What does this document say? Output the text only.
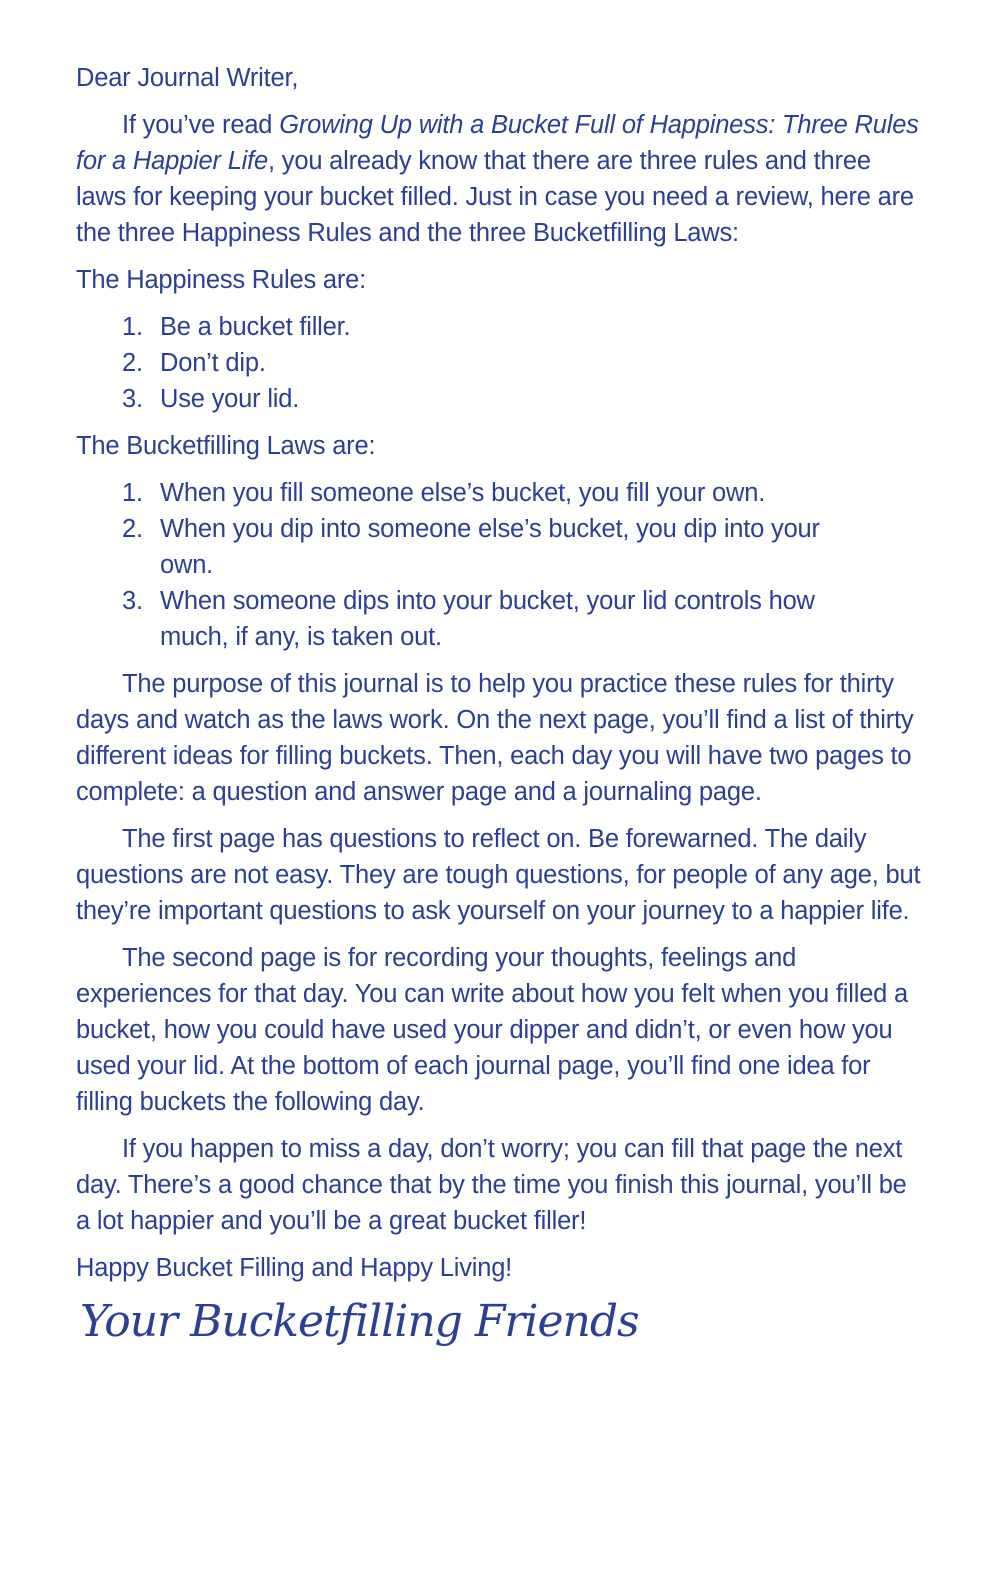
Dear Journal Writer,

If you’ve read Growing Up with a Bucket Full of Happiness: Three Rules for a Happier Life, you already know that there are three rules and three laws for keeping your bucket filled. Just in case you need a review, here are the three Happiness Rules and the three Bucketfilling Laws:

The Happiness Rules are:

1. Be a bucket filler.
2. Don’t dip.
3. Use your lid.

The Bucketfilling Laws are:

1. When you fill someone else’s bucket, you fill your own.
2. When you dip into someone else’s bucket, you dip into your own.
3. When someone dips into your bucket, your lid controls how much, if any, is taken out.

The purpose of this journal is to help you practice these rules for thirty days and watch as the laws work. On the next page, you’ll find a list of thirty different ideas for filling buckets. Then, each day you will have two pages to complete: a question and answer page and a journaling page.

The first page has questions to reflect on. Be forewarned. The daily questions are not easy. They are tough questions, for people of any age, but they’re important questions to ask yourself on your journey to a happier life.

The second page is for recording your thoughts, feelings and experiences for that day. You can write about how you felt when you filled a bucket, how you could have used your dipper and didn’t, or even how you used your lid. At the bottom of each journal page, you’ll find one idea for filling buckets the following day.

If you happen to miss a day, don’t worry; you can fill that page the next day. There’s a good chance that by the time you finish this journal, you’ll be a lot happier and you’ll be a great bucket filler!

Happy Bucket Filling and Happy Living!

Your Bucketfilling Friends
